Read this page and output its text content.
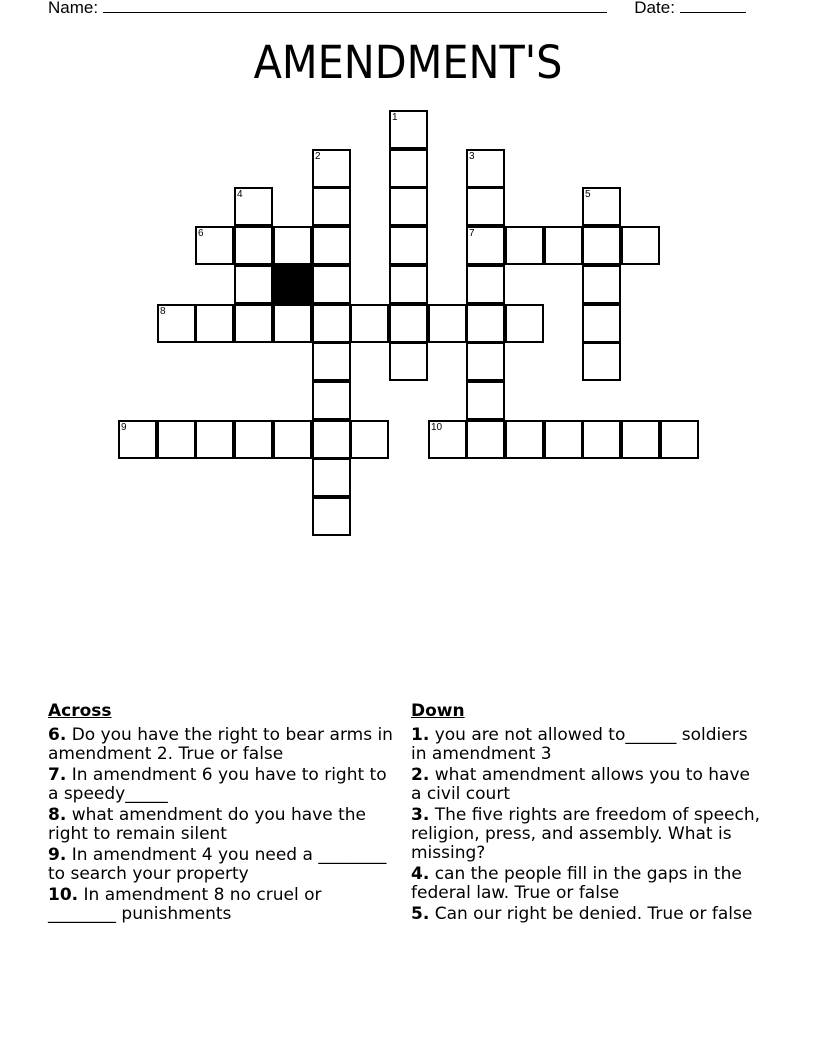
Name:	Date:
AMENDMENT'S
1
2	3
7
4	5
6
8
9	10
Across
6. Do you have the right to bear arms in amendment 2. True or false
7. In amendment 6 you have to right to a speedy_____
8. what amendment do you have the right to remain silent
9. In amendment 4 you need a ________ to search your property
10. In amendment 8 no cruel or ________ punishments
Down
1. you are not allowed to______ soldiers in amendment 3
2. what amendment allows you to have a civil court
3. The five rights are freedom of speech, religion, press, and assembly. What is missing?
4. can the people fill in the gaps in the federal law. True or false
5. Can our right be denied. True or false
